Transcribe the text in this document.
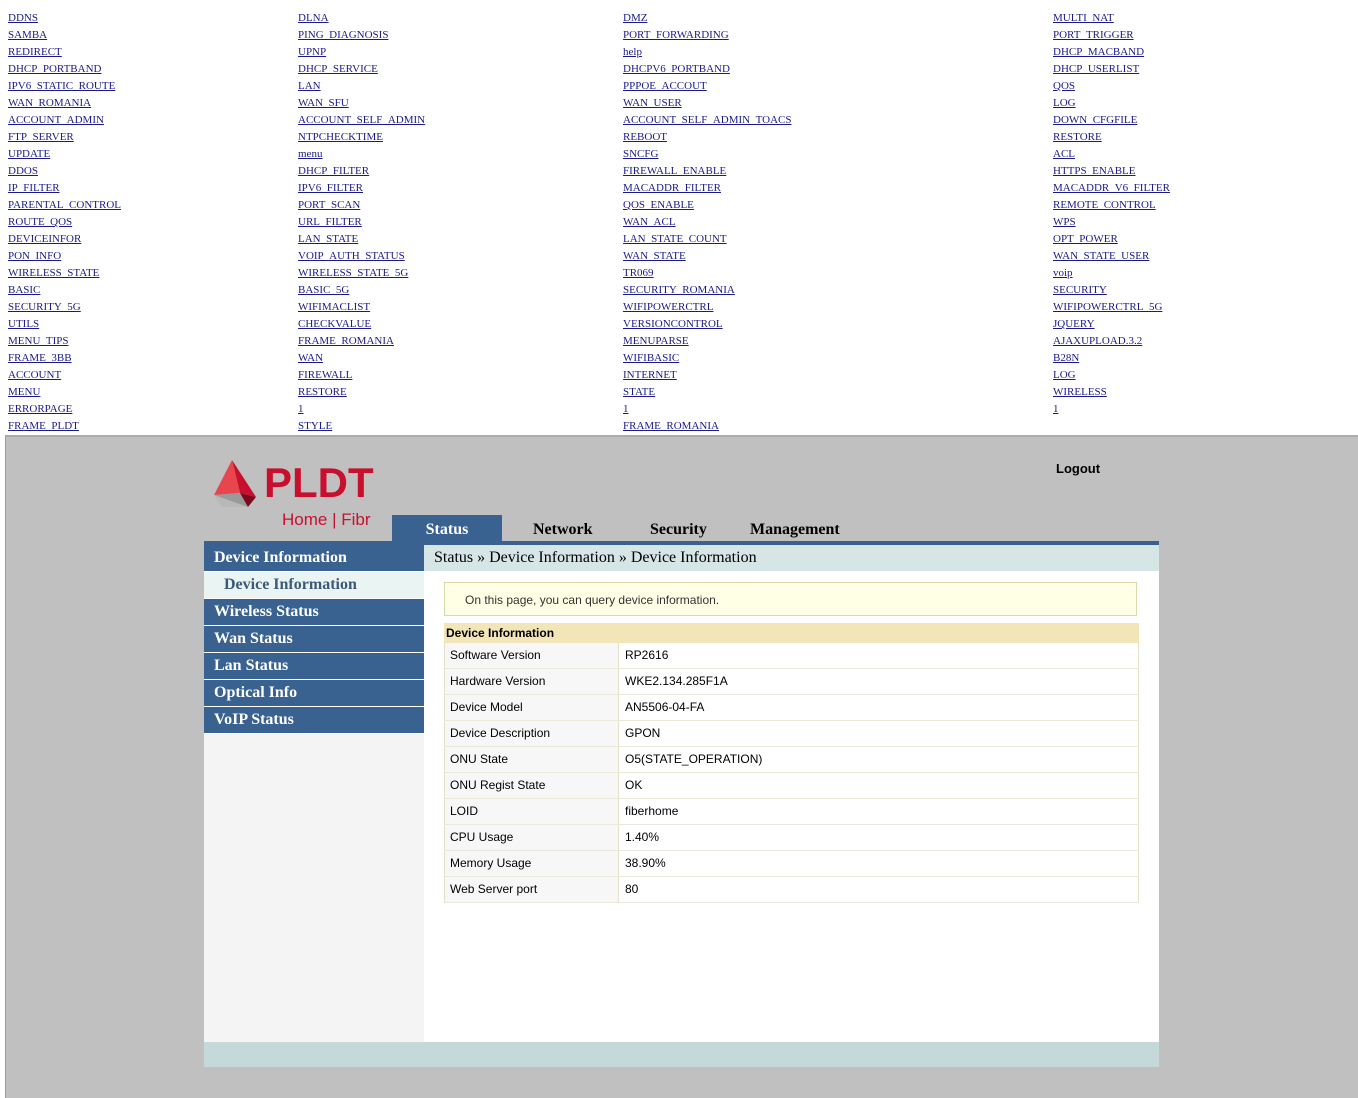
DDNS
SAMBA
REDIRECT
DHCP_PORTBAND
IPV6_STATIC_ROUTE
WAN_ROMANIA
ACCOUNT_ADMIN
FTP_SERVER
UPDATE
DDOS
IP_FILTER
PARENTAL_CONTROL
ROUTE_QOS
DEVICEINFOR
PON_INFO
WIRELESS_STATE
BASIC
SECURITY_5G
UTILS
MENU_TIPS
FRAME_3BB
ACCOUNT
MENU
ERRORPAGE
FRAME_PLDT
DLNA
PING_DIAGNOSIS
UPNP
DHCP_SERVICE
LAN
WAN_SFU
ACCOUNT_SELF_ADMIN
NTPCHECKTIME
menu
DHCP_FILTER
IPV6_FILTER
PORT_SCAN
URL_FILTER
LAN_STATE
VOIP_AUTH_STATUS
WIRELESS_STATE_5G
BASIC_5G
WIFIMACLIST
CHECKVALUE
FRAME_ROMANIA
WAN
FIREWALL
RESTORE
1
STYLE
DMZ
PORT_FORWARDING
help
DHCPV6_PORTBAND
PPPOE_ACCOUT
WAN_USER
ACCOUNT_SELF_ADMIN_TOACS
REBOOT
SNCFG
FIREWALL_ENABLE
MACADDR_FILTER
QOS_ENABLE
WAN_ACL
LAN_STATE_COUNT
WAN_STATE
TR069
SECURITY_ROMANIA
WIFIPOWERCTRL
VERSIONCONTROL
MENUPARSE
WIFIBASIC
INTERNET
STATE
1
FRAME_ROMANIA
MULTI_NAT
PORT_TRIGGER
DHCP_MACBAND
DHCP_USERLIST
QOS
LOG
DOWN_CFGFILE
RESTORE
ACL
HTTPS_ENABLE
MACADDR_V6_FILTER
REMOTE_CONTROL
WPS
OPT_POWER
WAN_STATE_USER
voip
SECURITY
WIFIPOWERCTRL_5G
JQUERY
AJAXUPLOAD.3.2
B28N
LOG
WIRELESS
1
PLDT
Home | Fibr
Logout
Status	Network	Security	Management
Device Information
Device Information
Wireless Status
Wan Status
Lan Status
Optical Info
VoIP Status
Status » Device Information » Device Information
On this page, you can query device information.
Device Information
Software Version	RP2616
Hardware Version	WKE2.134.285F1A
Device Model	AN5506-04-FA
Device Description	GPON
ONU State	O5(STATE_OPERATION)
ONU Regist State	OK
LOID	fiberhome
CPU Usage	1.40%
Memory Usage	38.90%
Web Server port	80
